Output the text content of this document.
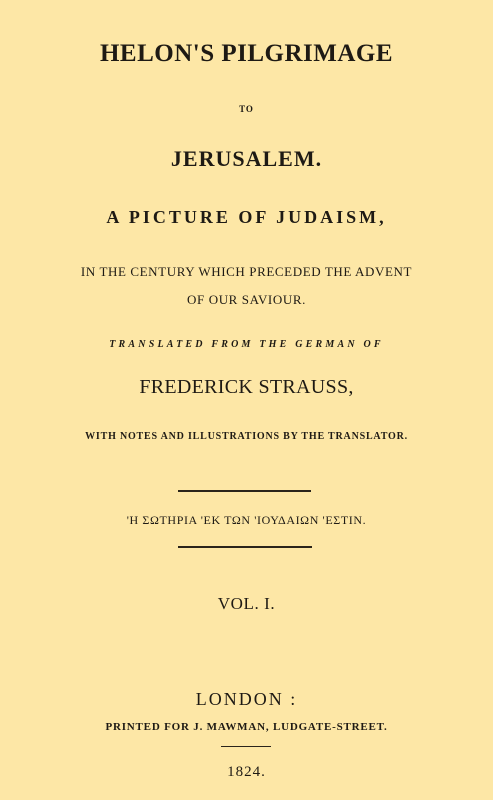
HELON'S PILGRIMAGE
TO
JERUSALEM.
A PICTURE OF JUDAISM,
IN THE CENTURY WHICH PRECEDED THE ADVENT
OF OUR SAVIOUR.
TRANSLATED FROM THE GERMAN OF
FREDERICK STRAUSS,
WITH NOTES AND ILLUSTRATIONS BY THE TRANSLATOR.
'Η ΣΩΤΗΡΙΑ 'ΕΚ ΤΩΝ 'ΙΟΥΔΑΙΩΝ 'ΕΣΤΙΝ.
VOL. I.
LONDON :
PRINTED FOR J. MAWMAN, LUDGATE-STREET.
1824.
